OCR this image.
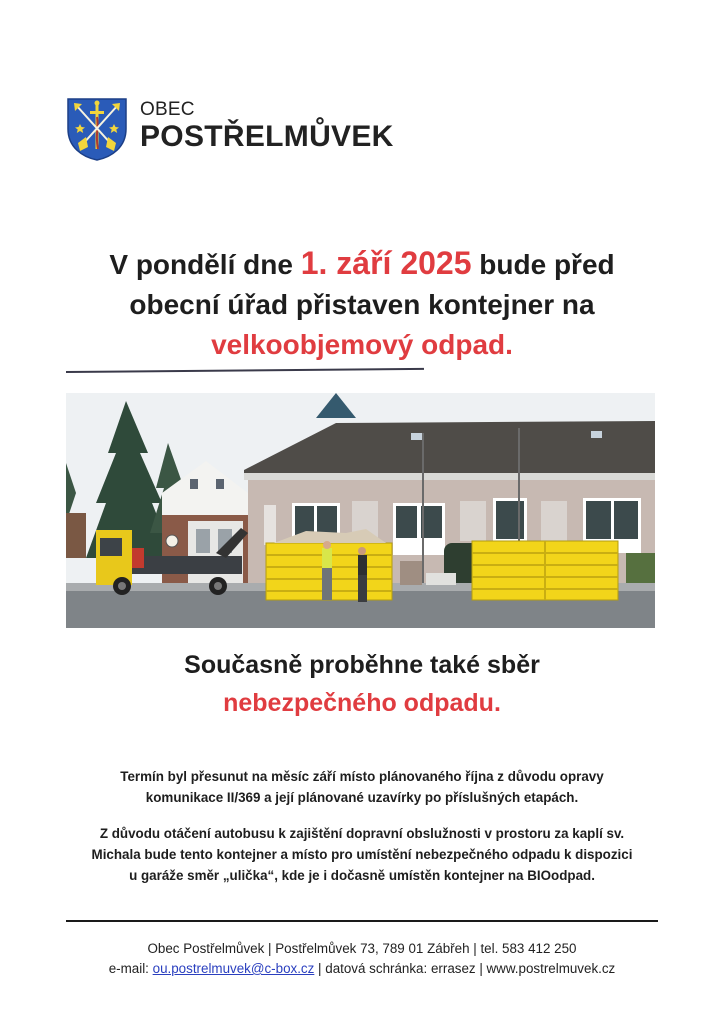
OBEC
POSTŘELMŮVEK
V pondělí dne 1. září 2025 bude před
obecní úřad přistaven kontejner na
velkoobjemový odpad.
Současně proběhne také sběr
nebezpečného odpadu.
Termín byl přesunut na měsíc září místo plánovaného října z důvodu opravy
komunikace II/369 a její plánované uzavírky po příslušných etapách.
Z důvodu otáčení autobusu k zajištění dopravní obslužnosti v prostoru za kaplí sv.
Michala bude tento kontejner a místo pro umístění nebezpečného odpadu k dispozici
u garáže směr „ulička“, kde je i dočasně umístěn kontejner na BIOodpad.
Obec Postřelmůvek | Postřelmůvek 73, 789 01 Zábřeh | tel. 583 412 250
e-mail: ou.postrelmuvek@c-box.cz | datová schránka: errasez | www.postrelmuvek.cz
